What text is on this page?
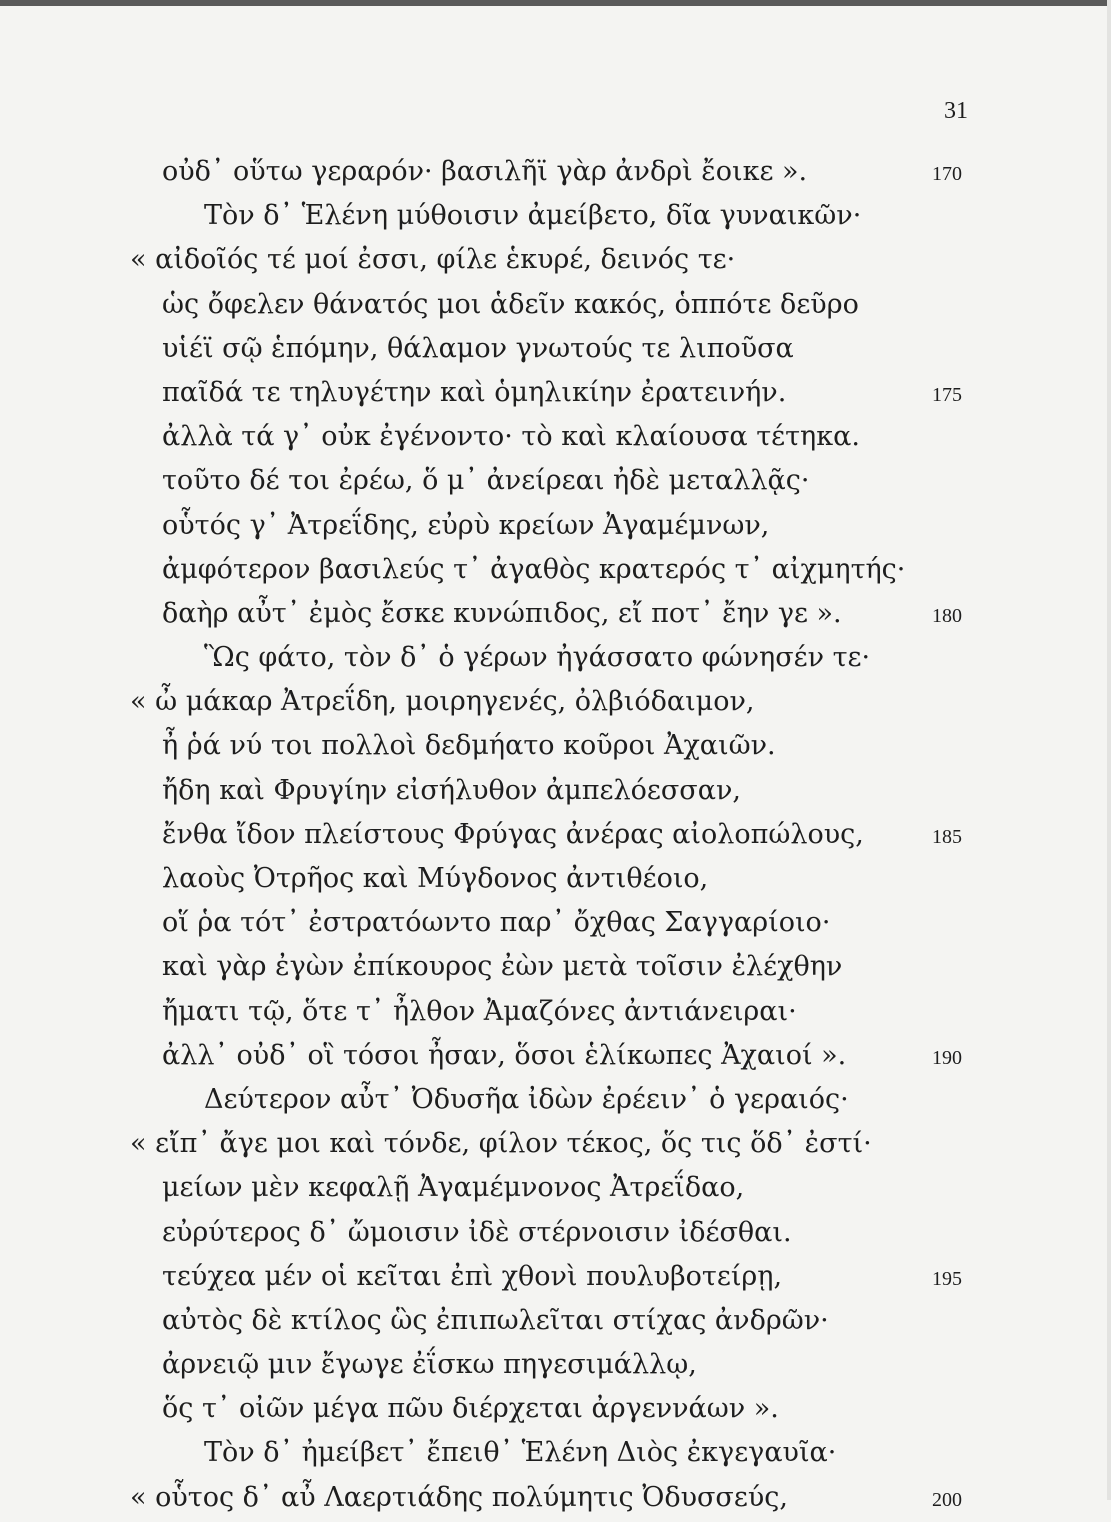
31
οὐδ᾽ οὕτω γεραρόν· βασιλῆϊ γὰρ ἀνδρὶ ἔοικε ».	170
Τὸν δ᾽ Ἑλένη μύθοισιν ἀμείβετο, δῖα γυναικῶν·
« αἰδοῖός τέ μοί ἐσσι, φίλε ἑκυρέ, δεινός τε·
ὡς ὄφελεν θάνατός μοι ἁδεῖν κακός, ὁππότε δεῦρο
υἱέϊ σῷ ἑπόμην, θάλαμον γνωτούς τε λιποῦσα
παῖδά τε τηλυγέτην καὶ ὁμηλικίην ἐρατεινήν.	175
ἀλλὰ τά γ᾽ οὐκ ἐγένοντο· τὸ καὶ κλαίουσα τέτηκα.
τοῦτο δέ τοι ἐρέω, ὅ μ᾽ ἀνείρεαι ἠδὲ μεταλλᾷς·
οὗτός γ᾽ Ἀτρεΐδης, εὐρὺ κρείων Ἀγαμέμνων,
ἀμφότερον βασιλεύς τ᾽ ἀγαθὸς κρατερός τ᾽ αἰχμητής·
δαὴρ αὖτ᾽ ἐμὸς ἔσκε κυνώπιδος, εἴ ποτ᾽ ἔην γε ».	180
Ὣς φάτο, τὸν δ᾽ ὁ γέρων ἠγάσσατο φώνησέν τε·
« ὦ μάκαρ Ἀτρεΐδη, μοιρηγενές, ὀλβιόδαιμον,
ἦ ῥά νύ τοι πολλοὶ δεδμήατο κοῦροι Ἀχαιῶν.
ἤδη καὶ Φρυγίην εἰσήλυθον ἀμπελόεσσαν,
ἔνθα ἴδον πλείστους Φρύγας ἀνέρας αἰολοπώλους,	185
λαοὺς Ὀτρῆος καὶ Μύγδονος ἀντιθέοιο,
οἵ ῥα τότ᾽ ἐστρατόωντο παρ᾽ ὄχθας Σαγγαρίοιο·
καὶ γὰρ ἐγὼν ἐπίκουρος ἐὼν μετὰ τοῖσιν ἐλέχθην
ἤματι τῷ, ὅτε τ᾽ ἦλθον Ἀμαζόνες ἀντιάνειραι·
ἀλλ᾽ οὐδ᾽ οἳ τόσοι ἦσαν, ὅσοι ἑλίκωπες Ἀχαιοί ».	190
Δεύτερον αὖτ᾽ Ὀδυσῆα ἰδὼν ἐρέειν᾽ ὁ γεραιός·
« εἴπ᾽ ἄγε μοι καὶ τόνδε, φίλον τέκος, ὅς τις ὅδ᾽ ἐστί·
μείων μὲν κεφαλῇ Ἀγαμέμνονος Ἀτρεΐδαο,
εὐρύτερος δ᾽ ὤμοισιν ἰδὲ στέρνοισιν ἰδέσθαι.
τεύχεα μέν οἱ κεῖται ἐπὶ χθονὶ πουλυβοτείρῃ,	195
αὐτὸς δὲ κτίλος ὣς ἐπιπωλεῖται στίχας ἀνδρῶν·
ἀρνειῷ μιν ἔγωγε ἐΐσκω πηγεσιμάλλῳ,
ὅς τ᾽ οἰῶν μέγα πῶυ διέρχεται ἀργεννάων ».
Τὸν δ᾽ ἠμείβετ᾽ ἔπειθ᾽ Ἑλένη Διὸς ἐκγεγαυῖα·
« οὗτος δ᾽ αὖ Λαερτιάδης πολύμητις Ὀδυσσεύς,	200
